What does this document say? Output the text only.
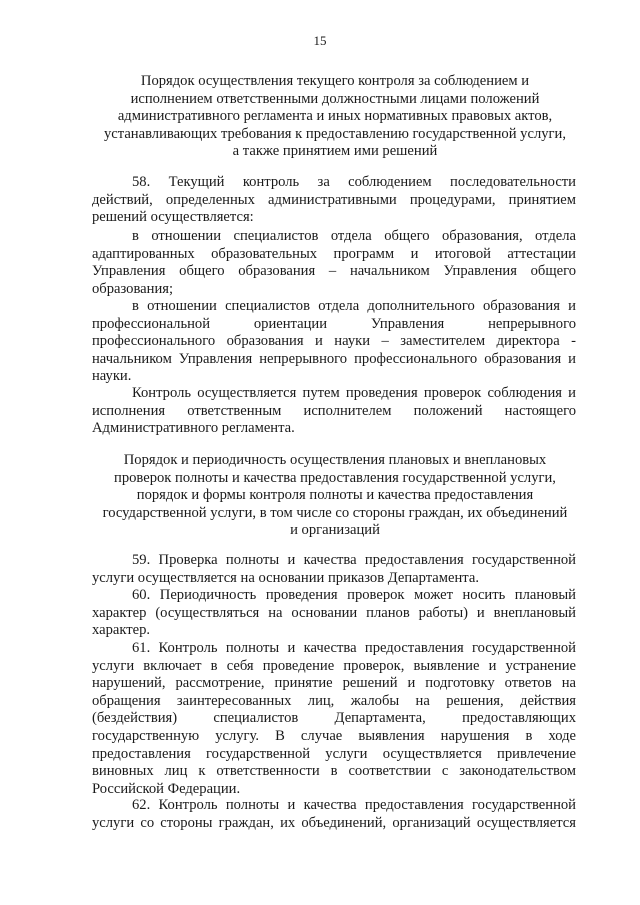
15
Порядок осуществления текущего контроля за соблюдением и
исполнением ответственными должностными лицами положений
административного регламента и иных нормативных правовых актов,
устанавливающих требования к предоставлению государственной услуги,
а также принятием ими решений
58. Текущий контроль за соблюдением последовательности
действий, определенных административными процедурами, принятием
решений осуществляется:
в отношении специалистов отдела общего образования, отдела
адаптированных образовательных программ и итоговой аттестации
Управления общего образования – начальником Управления общего
образования;
в отношении специалистов отдела дополнительного образования и
профессиональной ориентации Управления непрерывного
профессионального образования и науки – заместителем директора -
начальником Управления непрерывного профессионального образования и
науки.
Контроль осуществляется путем проведения проверок соблюдения и
исполнения ответственным исполнителем положений настоящего
Административного регламента.
Порядок и периодичность осуществления плановых и внеплановых
проверок полноты и качества предоставления государственной услуги,
порядок и формы контроля полноты и качества предоставления
государственной услуги, в том числе со стороны граждан, их объединений
и организаций
59. Проверка полноты и качества предоставления государственной
услуги осуществляется на основании приказов Департамента.
60. Периодичность проведения проверок может носить плановый
характер (осуществляться на основании планов работы) и внеплановый
характер.
61. Контроль полноты и качества предоставления государственной
услуги включает в себя проведение проверок, выявление и устранение
нарушений, рассмотрение, принятие решений и подготовку ответов на
обращения заинтересованных лиц, жалобы на решения, действия
(бездействия) специалистов Департамента, предоставляющих
государственную услугу. В случае выявления нарушения в ходе
предоставления государственной услуги осуществляется привлечение
виновных лиц к ответственности в соответствии с законодательством
Российской Федерации.
62. Контроль полноты и качества предоставления государственной
услуги со стороны граждан, их объединений, организаций осуществляется
